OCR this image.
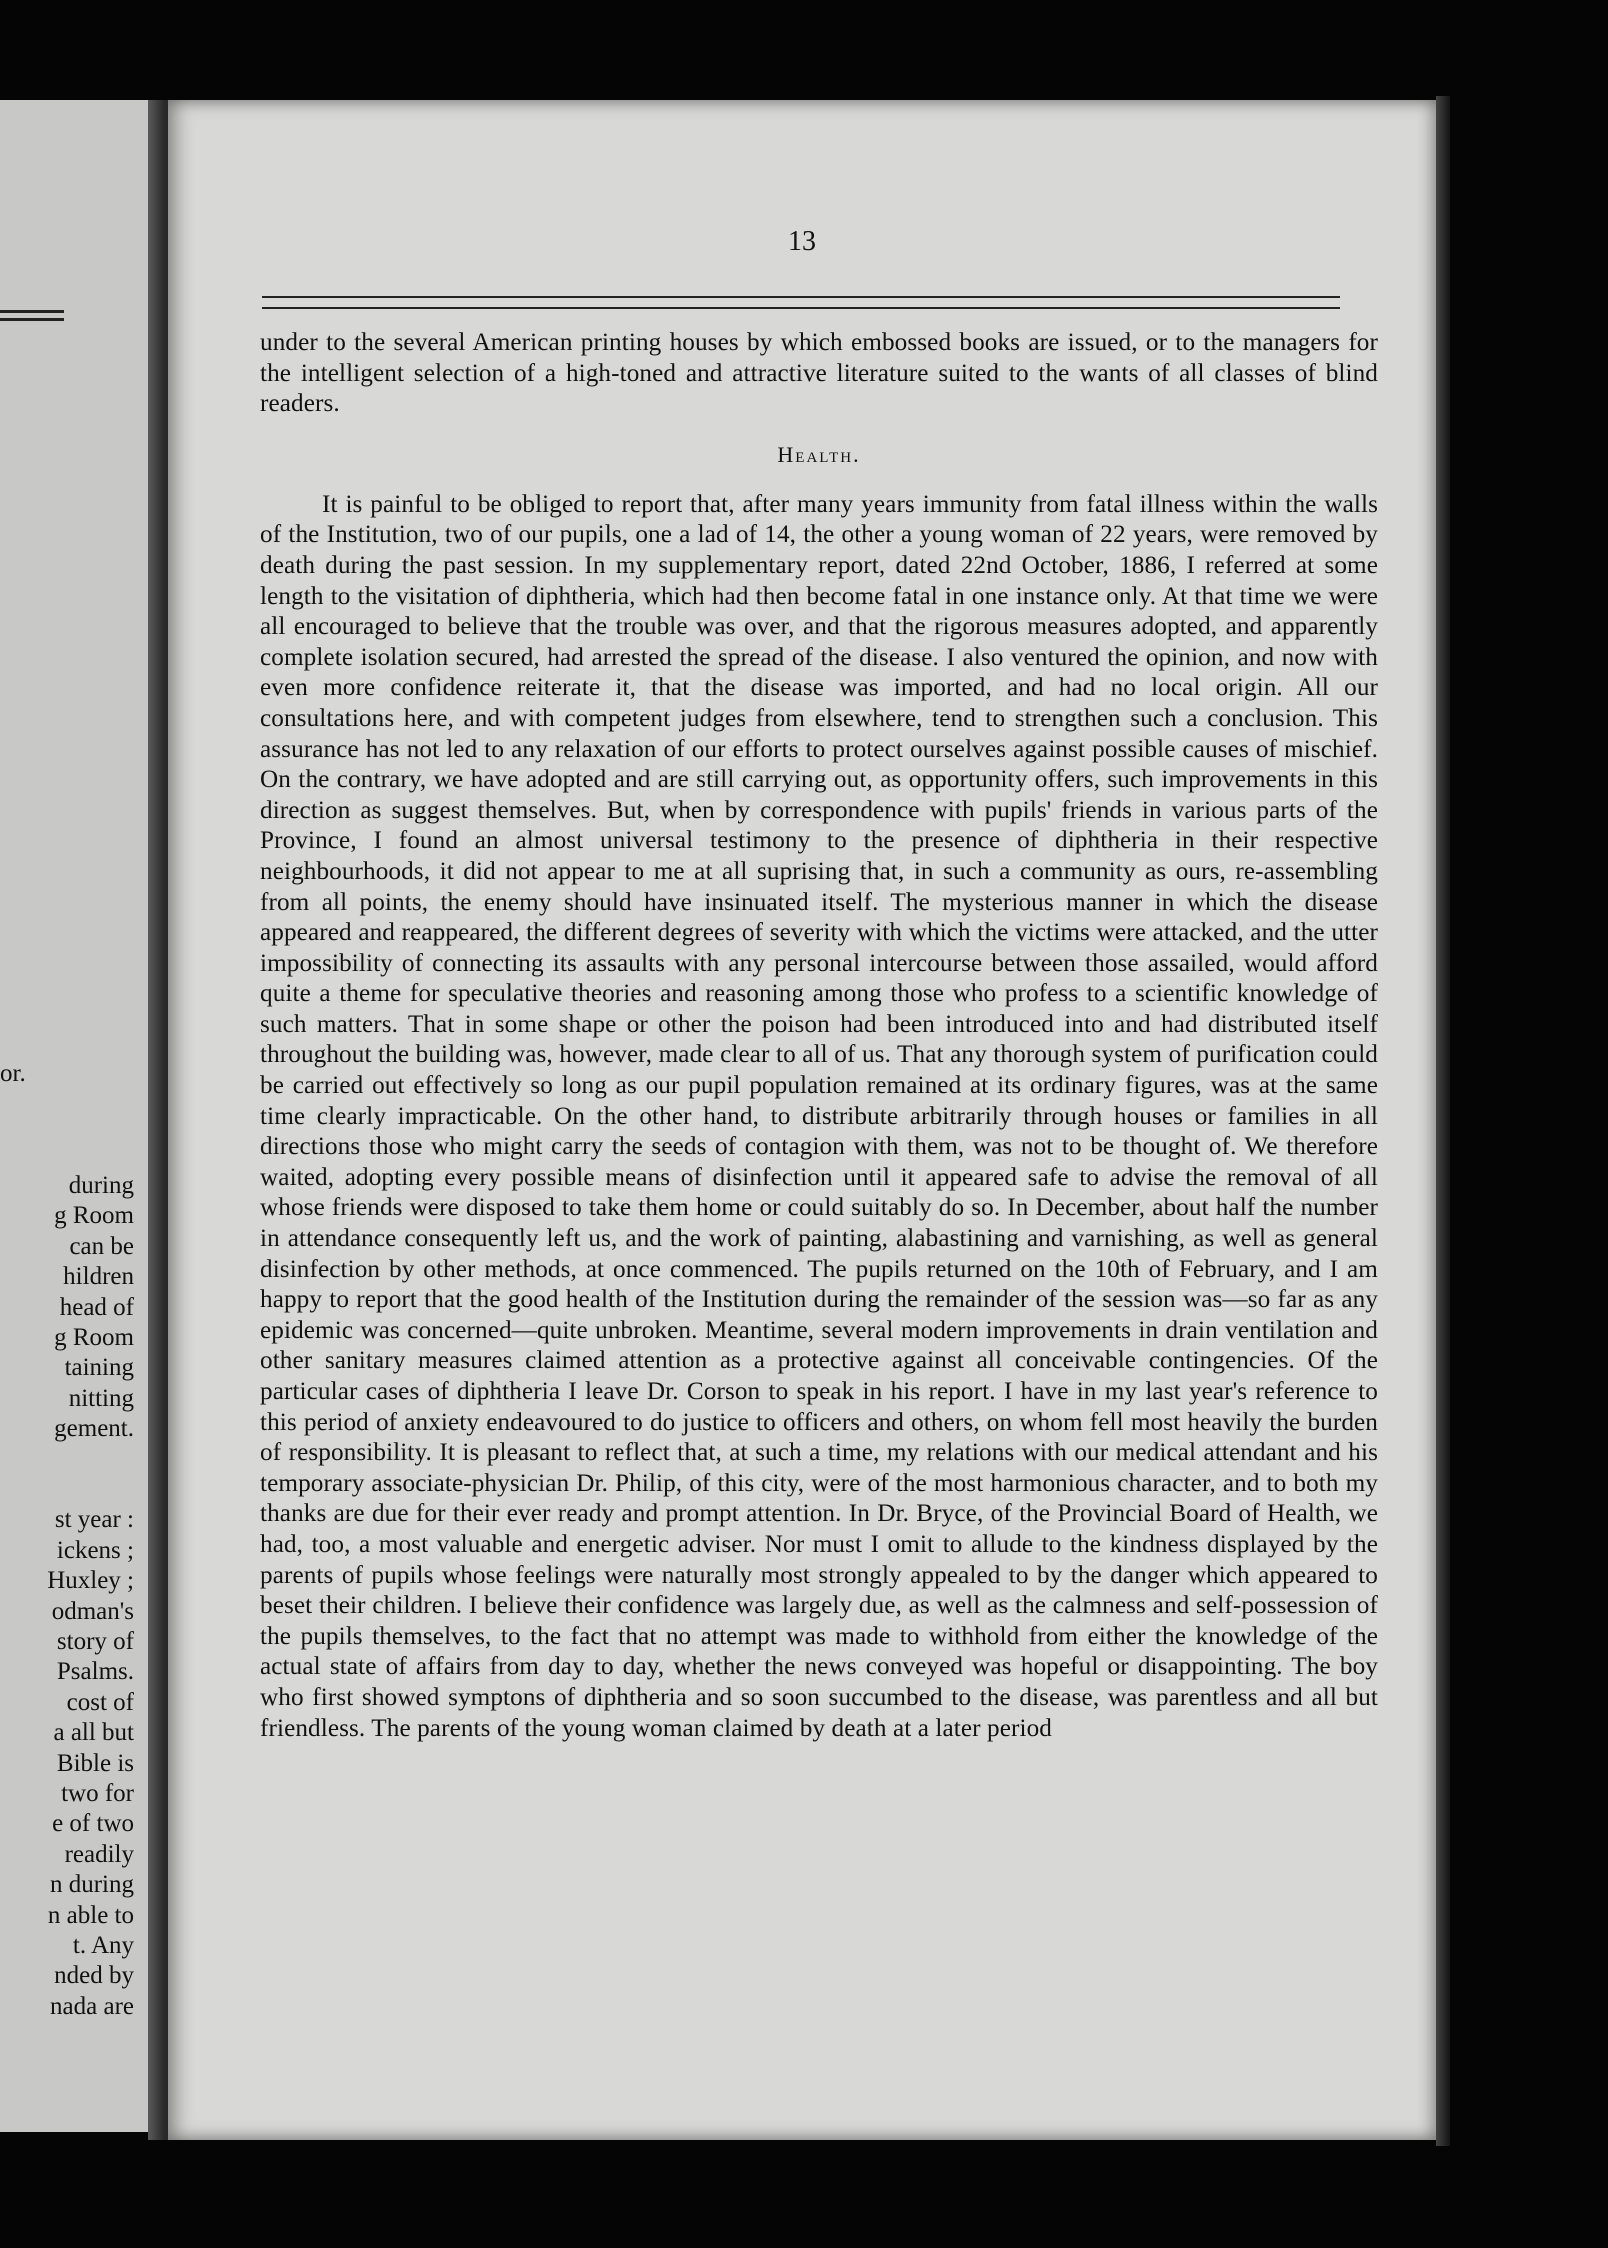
or.
during
g Room
can be
hildren
head of
g Room
taining
nitting
gement.
st year :
ickens ;
Huxley ;
odman's
story of
Psalms.
cost of
a all but
Bible is
two for
e of two
readily
n during
n able to
t. Any
nded by
nada are
13

under to the several American printing houses by which embossed books are issued, or to the managers for the intelligent selection of a high-toned and attractive literature suited to the wants of all classes of blind readers.

Health.

It is painful to be obliged to report that, after many years immunity from fatal illness within the walls of the Institution, two of our pupils, one a lad of 14, the other a young woman of 22 years, were removed by death during the past session. In my supplementary report, dated 22nd October, 1886, I referred at some length to the visitation of diphtheria, which had then become fatal in one instance only. At that time we were all encouraged to believe that the trouble was over, and that the rigorous measures adopted, and apparently complete isolation secured, had arrested the spread of the disease. I also ventured the opinion, and now with even more confidence reiterate it, that the disease was imported, and had no local origin. All our consultations here, and with competent judges from elsewhere, tend to strengthen such a conclusion. This assurance has not led to any relaxation of our efforts to protect ourselves against possible causes of mischief. On the contrary, we have adopted and are still carrying out, as opportunity offers, such improvements in this direction as suggest themselves. But, when by correspondence with pupils' friends in various parts of the Province, I found an almost universal testimony to the presence of diphtheria in their respective neighbourhoods, it did not appear to me at all suprising that, in such a community as ours, re-assembling from all points, the enemy should have insinuated itself. The mysterious manner in which the disease appeared and reappeared, the different degrees of severity with which the victims were attacked, and the utter impossibility of connecting its assaults with any personal intercourse between those assailed, would afford quite a theme for speculative theories and reasoning among those who profess to a scientific knowledge of such matters. That in some shape or other the poison had been introduced into and had distributed itself throughout the building was, however, made clear to all of us. That any thorough system of purification could be carried out effectively so long as our pupil population remained at its ordinary figures, was at the same time clearly impracticable. On the other hand, to distribute arbitrarily through houses or families in all directions those who might carry the seeds of contagion with them, was not to be thought of. We therefore waited, adopting every possible means of disinfection until it appeared safe to advise the removal of all whose friends were disposed to take them home or could suitably do so. In December, about half the number in attendance consequently left us, and the work of painting, alabastining and varnishing, as well as general disinfection by other methods, at once commenced. The pupils returned on the 10th of February, and I am happy to report that the good health of the Institution during the remainder of the session was—so far as any epidemic was concerned—quite unbroken. Meantime, several modern improvements in drain ventilation and other sanitary measures claimed attention as a protective against all conceivable contingencies. Of the particular cases of diphtheria I leave Dr. Corson to speak in his report. I have in my last year's reference to this period of anxiety endeavoured to do justice to officers and others, on whom fell most heavily the burden of responsibility. It is pleasant to reflect that, at such a time, my relations with our medical attendant and his temporary associate-physician Dr. Philip, of this city, were of the most harmonious character, and to both my thanks are due for their ever ready and prompt attention. In Dr. Bryce, of the Provincial Board of Health, we had, too, a most valuable and energetic adviser. Nor must I omit to allude to the kindness displayed by the parents of pupils whose feelings were naturally most strongly appealed to by the danger which appeared to beset their children. I believe their confidence was largely due, as well as the calmness and self-possession of the pupils themselves, to the fact that no attempt was made to withhold from either the knowledge of the actual state of affairs from day to day, whether the news conveyed was hopeful or disappointing. The boy who first showed symptons of diphtheria and so soon succumbed to the disease, was parentless and all but friendless. The parents of the young woman claimed by death at a later period
